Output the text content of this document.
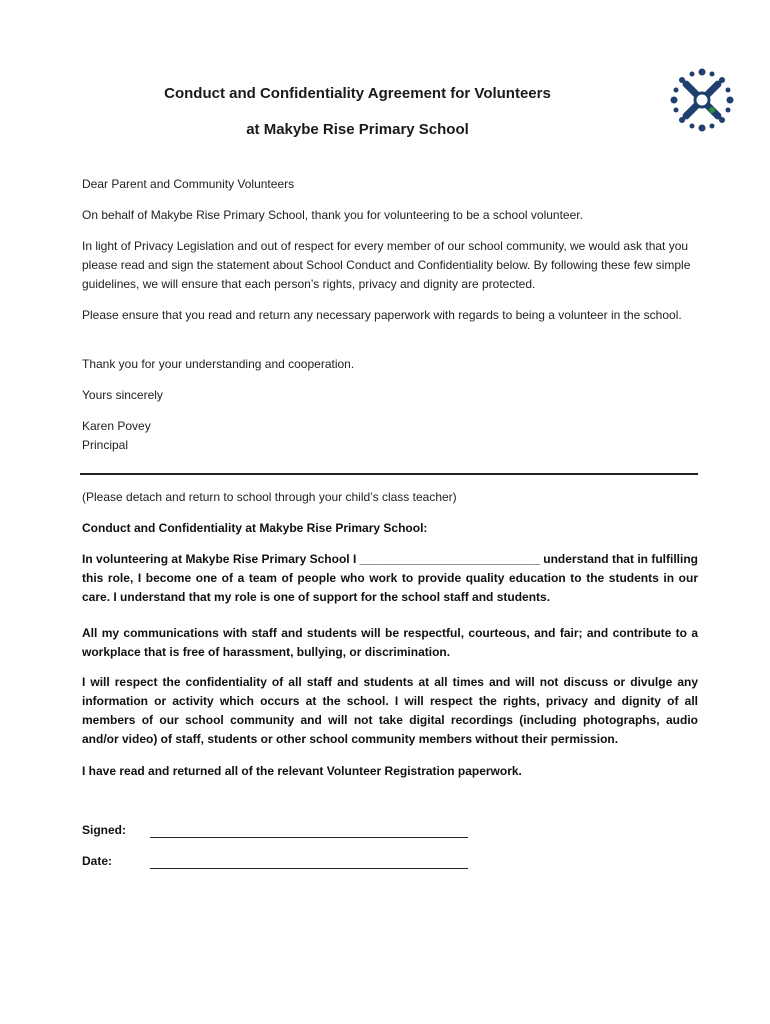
Conduct and Confidentiality Agreement for Volunteers
at Makybe Rise Primary School

Dear Parent and Community Volunteers

On behalf of Makybe Rise Primary School, thank you for volunteering to be a school volunteer.

In light of Privacy Legislation and out of respect for every member of our school community, we would ask that you please read and sign the statement about School Conduct and Confidentiality below. By following these few simple guidelines, we will ensure that each person’s rights, privacy and dignity are protected.

Please ensure that you read and return any necessary paperwork with regards to being a volunteer in the school.

Thank you for your understanding and cooperation.

Yours sincerely

Karen Povey

Principal

(Please detach and return to school through your child’s class teacher)

Conduct and Confidentiality at Makybe Rise Primary School:

In volunteering at Makybe Rise Primary School I ___________________________ understand that in fulfilling this role, I become one of a team of people who work to provide quality education to the students in our care. I understand that my role is one of support for the school staff and students.

All my communications with staff and students will be respectful, courteous, and fair; and contribute to a workplace that is free of harassment, bullying, or discrimination.

I will respect the confidentiality of all staff and students at all times and will not discuss or divulge any information or activity which occurs at the school. I will respect the rights, privacy and dignity of all members of our school community and will not take digital recordings (including photographs, audio and/or video) of staff, students or other school community members without their permission.

I have read and returned all of the relevant Volunteer Registration paperwork.

Signed:
Date:
